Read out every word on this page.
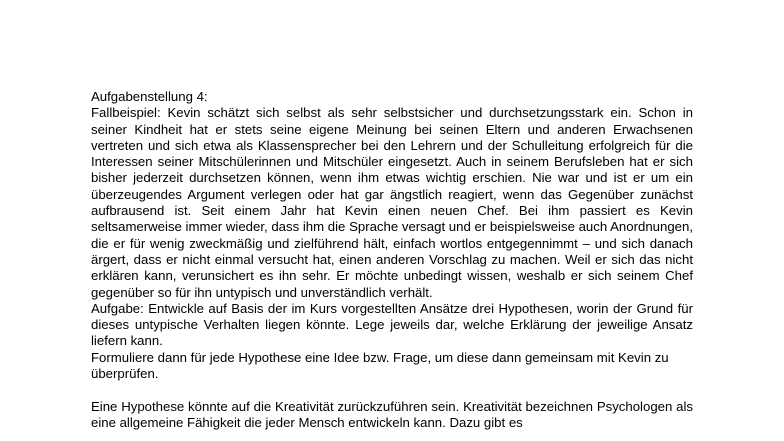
Aufgabenstellung 4:

Fallbeispiel: Kevin schätzt sich selbst als sehr selbstsicher und durchsetzungsstark ein. Schon in seiner Kindheit hat er stets seine eigene Meinung bei seinen Eltern und anderen Erwachsenen vertreten und sich etwa als Klassensprecher bei den Lehrern und der Schulleitung erfolgreich für die Interessen seiner Mitschülerinnen und Mitschüler eingesetzt. Auch in seinem Berufsleben hat er sich bisher jederzeit durchsetzen können, wenn ihm etwas wichtig erschien. Nie war und ist er um ein überzeugendes Argument verlegen oder hat gar ängstlich reagiert, wenn das Gegenüber zunächst aufbrausend ist. Seit einem Jahr hat Kevin einen neuen Chef. Bei ihm passiert es Kevin seltsamerweise immer wieder, dass ihm die Sprache versagt und er beispielsweise auch Anordnungen, die er für wenig zweckmäßig und zielführend hält, einfach wortlos entgegennimmt – und sich danach ärgert, dass er nicht einmal versucht hat, einen anderen Vorschlag zu machen. Weil er sich das nicht erklären kann, verunsichert es ihn sehr. Er möchte unbedingt wissen, weshalb er sich seinem Chef gegenüber so für ihn untypisch und unverständlich verhält.

Aufgabe: Entwickle auf Basis der im Kurs vorgestellten Ansätze drei Hypothesen, worin der Grund für dieses untypische Verhalten liegen könnte. Lege jeweils dar, welche Erklärung der jeweilige Ansatz liefern kann.

Formuliere dann für jede Hypothese eine Idee bzw. Frage, um diese dann gemeinsam mit Kevin zu überprüfen.

Eine Hypothese könnte auf die Kreativität zurückzuführen sein. Kreativität bezeichnen Psychologen als eine allgemeine Fähigkeit die jeder Mensch entwickeln kann. Dazu gibt es
